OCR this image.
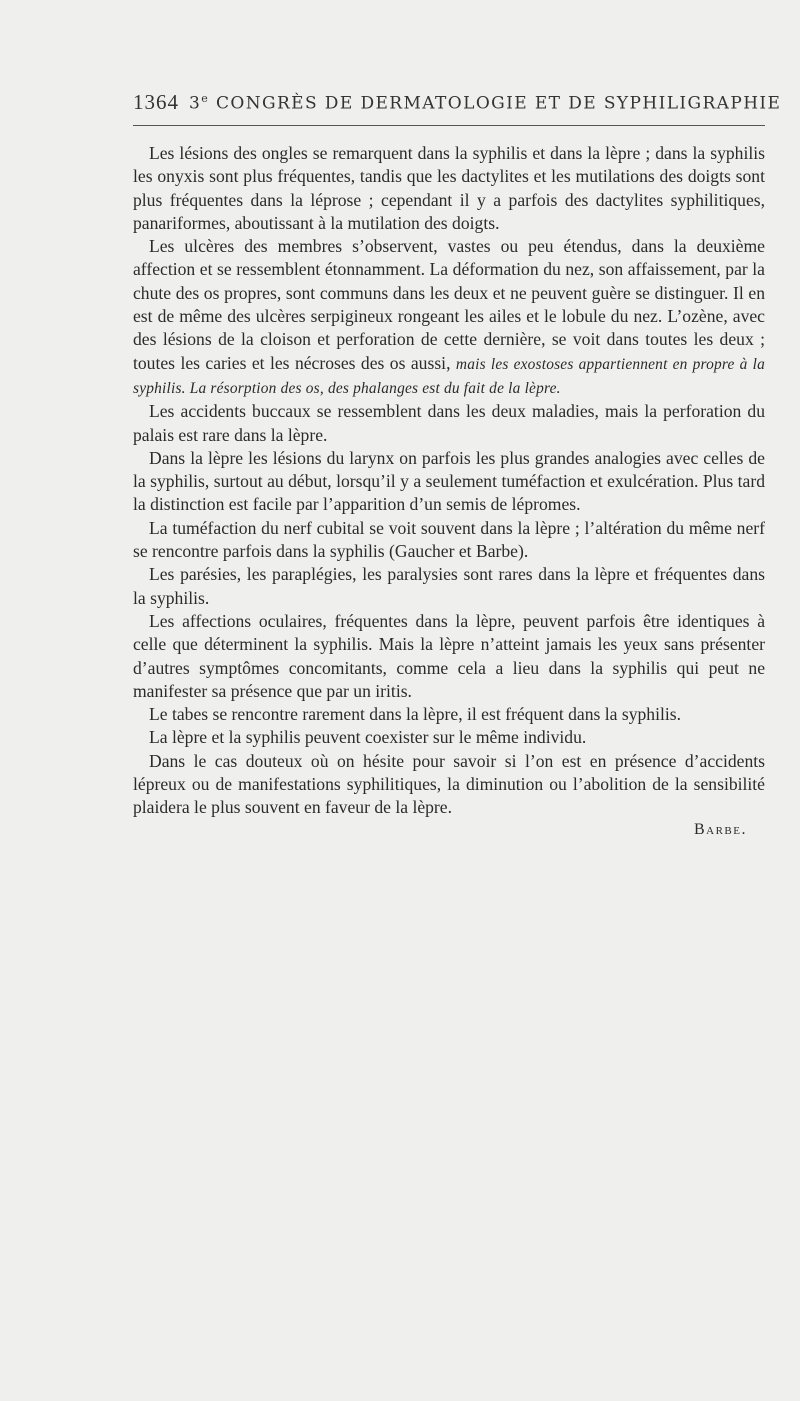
1364 3e CONGRÈS DE DERMATOLOGIE ET DE SYPHILIGRAPHIE

Les lésions des ongles se remarquent dans la syphilis et dans la lèpre ; dans la syphilis les onyxis sont plus fréquentes, tandis que les dactylites et les mutilations des doigts sont plus fréquentes dans la léprose ; cependant il y a parfois des dactylites syphilitiques, panariformes, aboutissant à la mutilation des doigts.

Les ulcères des membres s’observent, vastes ou peu étendus, dans la deuxième affection et se ressemblent étonnamment. La déformation du nez, son affaissement, par la chute des os propres, sont communs dans les deux et ne peuvent guère se distinguer. Il en est de même des ulcères serpigineux rongeant les ailes et le lobule du nez. L’ozène, avec des lésions de la cloison et perforation de cette dernière, se voit dans toutes les deux ; toutes les caries et les nécroses des os aussi, mais les exostoses appartiennent en propre à la syphilis. La résorption des os, des phalanges est du fait de la lèpre.

Les accidents buccaux se ressemblent dans les deux maladies, mais la perforation du palais est rare dans la lèpre.

Dans la lèpre les lésions du larynx on parfois les plus grandes analogies avec celles de la syphilis, surtout au début, lorsqu’il y a seulement tuméfaction et exulcération. Plus tard la distinction est facile par l’apparition d’un semis de lépromes.

La tuméfaction du nerf cubital se voit souvent dans la lèpre ; l’altération du même nerf se rencontre parfois dans la syphilis (Gaucher et Barbe).

Les parésies, les paraplégies, les paralysies sont rares dans la lèpre et fréquentes dans la syphilis.

Les affections oculaires, fréquentes dans la lèpre, peuvent parfois être identiques à celle que déterminent la syphilis. Mais la lèpre n’atteint jamais les yeux sans présenter d’autres symptômes concomitants, comme cela a lieu dans la syphilis qui peut ne manifester sa présence que par un iritis.

Le tabes se rencontre rarement dans la lèpre, il est fréquent dans la syphilis.

La lèpre et la syphilis peuvent coexister sur le même individu.

Dans le cas douteux où on hésite pour savoir si l’on est en présence d’accidents lépreux ou de manifestations syphilitiques, la diminution ou l’abolition de la sensibilité plaidera le plus souvent en faveur de la lèpre.

Barbe.
